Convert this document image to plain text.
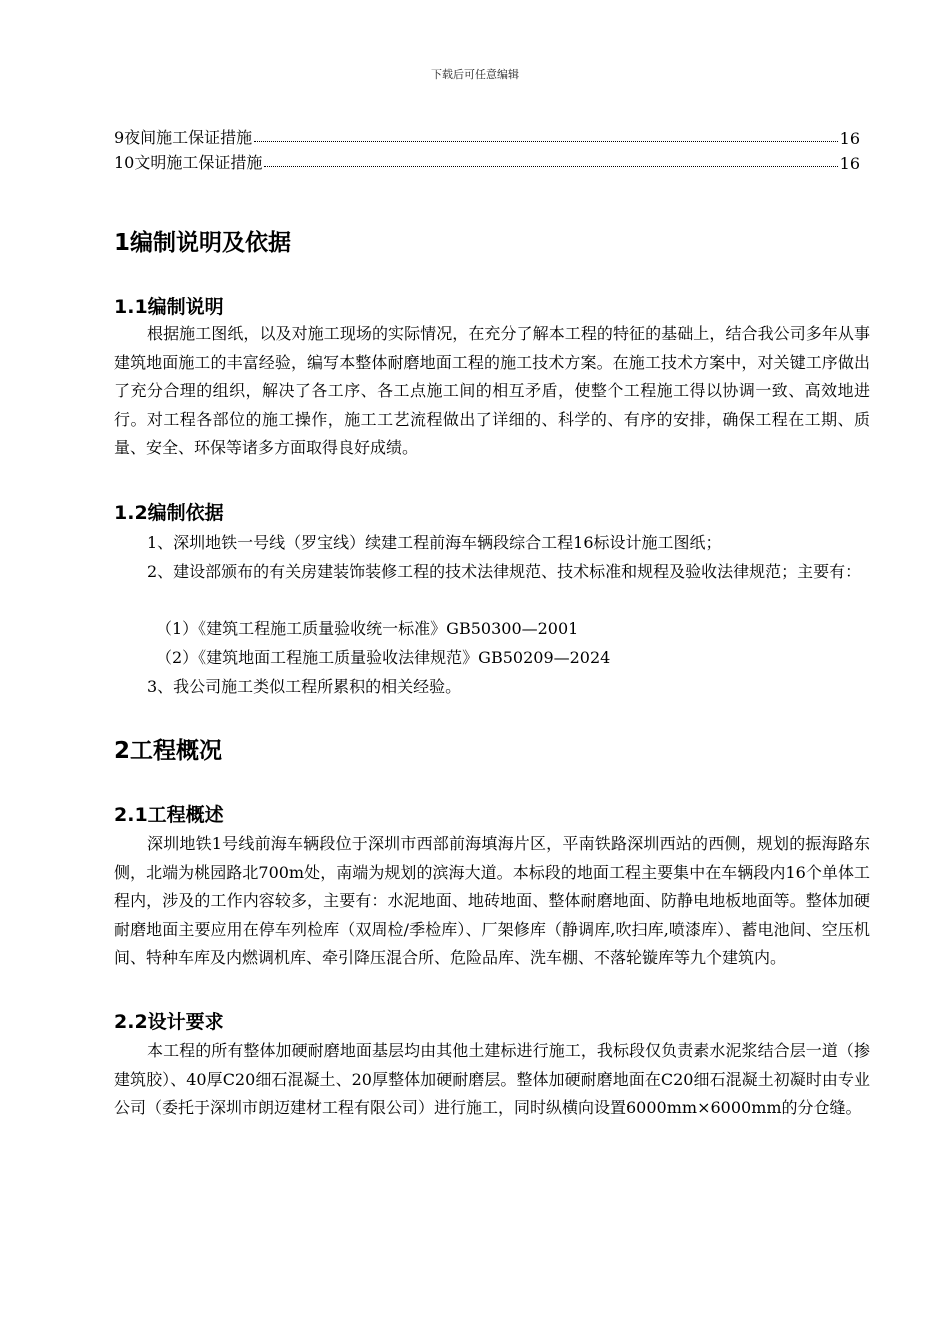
下载后可任意编辑
9夜间施工保证措施	16
10文明施工保证措施	16
1编制说明及依据
1.1编制说明

根据施工图纸，以及对施工现场的实际情况，在充分了解本工程的特征的基础上，结合我公司多年从事建筑地面施工的丰富经验，编写本整体耐磨地面工程的施工技术方案。在施工技术方案中，对关键工序做出了充分合理的组织，解决了各工序、各工点施工间的相互矛盾，使整个工程施工得以协调一致、高效地进行。对工程各部位的施工操作，施工工艺流程做出了详细的、科学的、有序的安排，确保工程在工期、质量、安全、环保等诸多方面取得良好成绩。

1.2编制依据

1、深圳地铁一号线（罗宝线）续建工程前海车辆段综合工程16标设计施工图纸；

2、建设部颁布的有关房建装饰装修工程的技术法律规范、技术标准和规程及验收法律规范；主要有：

（1）《建筑工程施工质量验收统一标准》GB50300—2001

（2）《建筑地面工程施工质量验收法律规范》GB50209—2024

3、我公司施工类似工程所累积的相关经验。

2工程概况
2.1工程概述

深圳地铁1号线前海车辆段位于深圳市西部前海填海片区，平南铁路深圳西站的西侧，规划的振海路东侧，北端为桃园路北700m处，南端为规划的滨海大道。本标段的地面工程主要集中在车辆段内16个单体工程内，涉及的工作内容较多，主要有：水泥地面、地砖地面、整体耐磨地面、防静电地板地面等。整体加硬耐磨地面主要应用在停车列检库（双周检/季检库）、厂架修库（静调库,吹扫库,喷漆库）、蓄电池间、空压机间、特种车库及内燃调机库、牵引降压混合所、危险品库、洗车棚、不落轮镟库等九个建筑内。

2.2设计要求

本工程的所有整体加硬耐磨地面基层均由其他土建标进行施工，我标段仅负责素水泥浆结合层一道（掺建筑胶）、40厚C20细石混凝土、20厚整体加硬耐磨层。整体加硬耐磨地面在C20细石混凝土初凝时由专业公司（委托于深圳市朗迈建材工程有限公司）进行施工，同时纵横向设置6000mm×6000mm的分仓缝。
